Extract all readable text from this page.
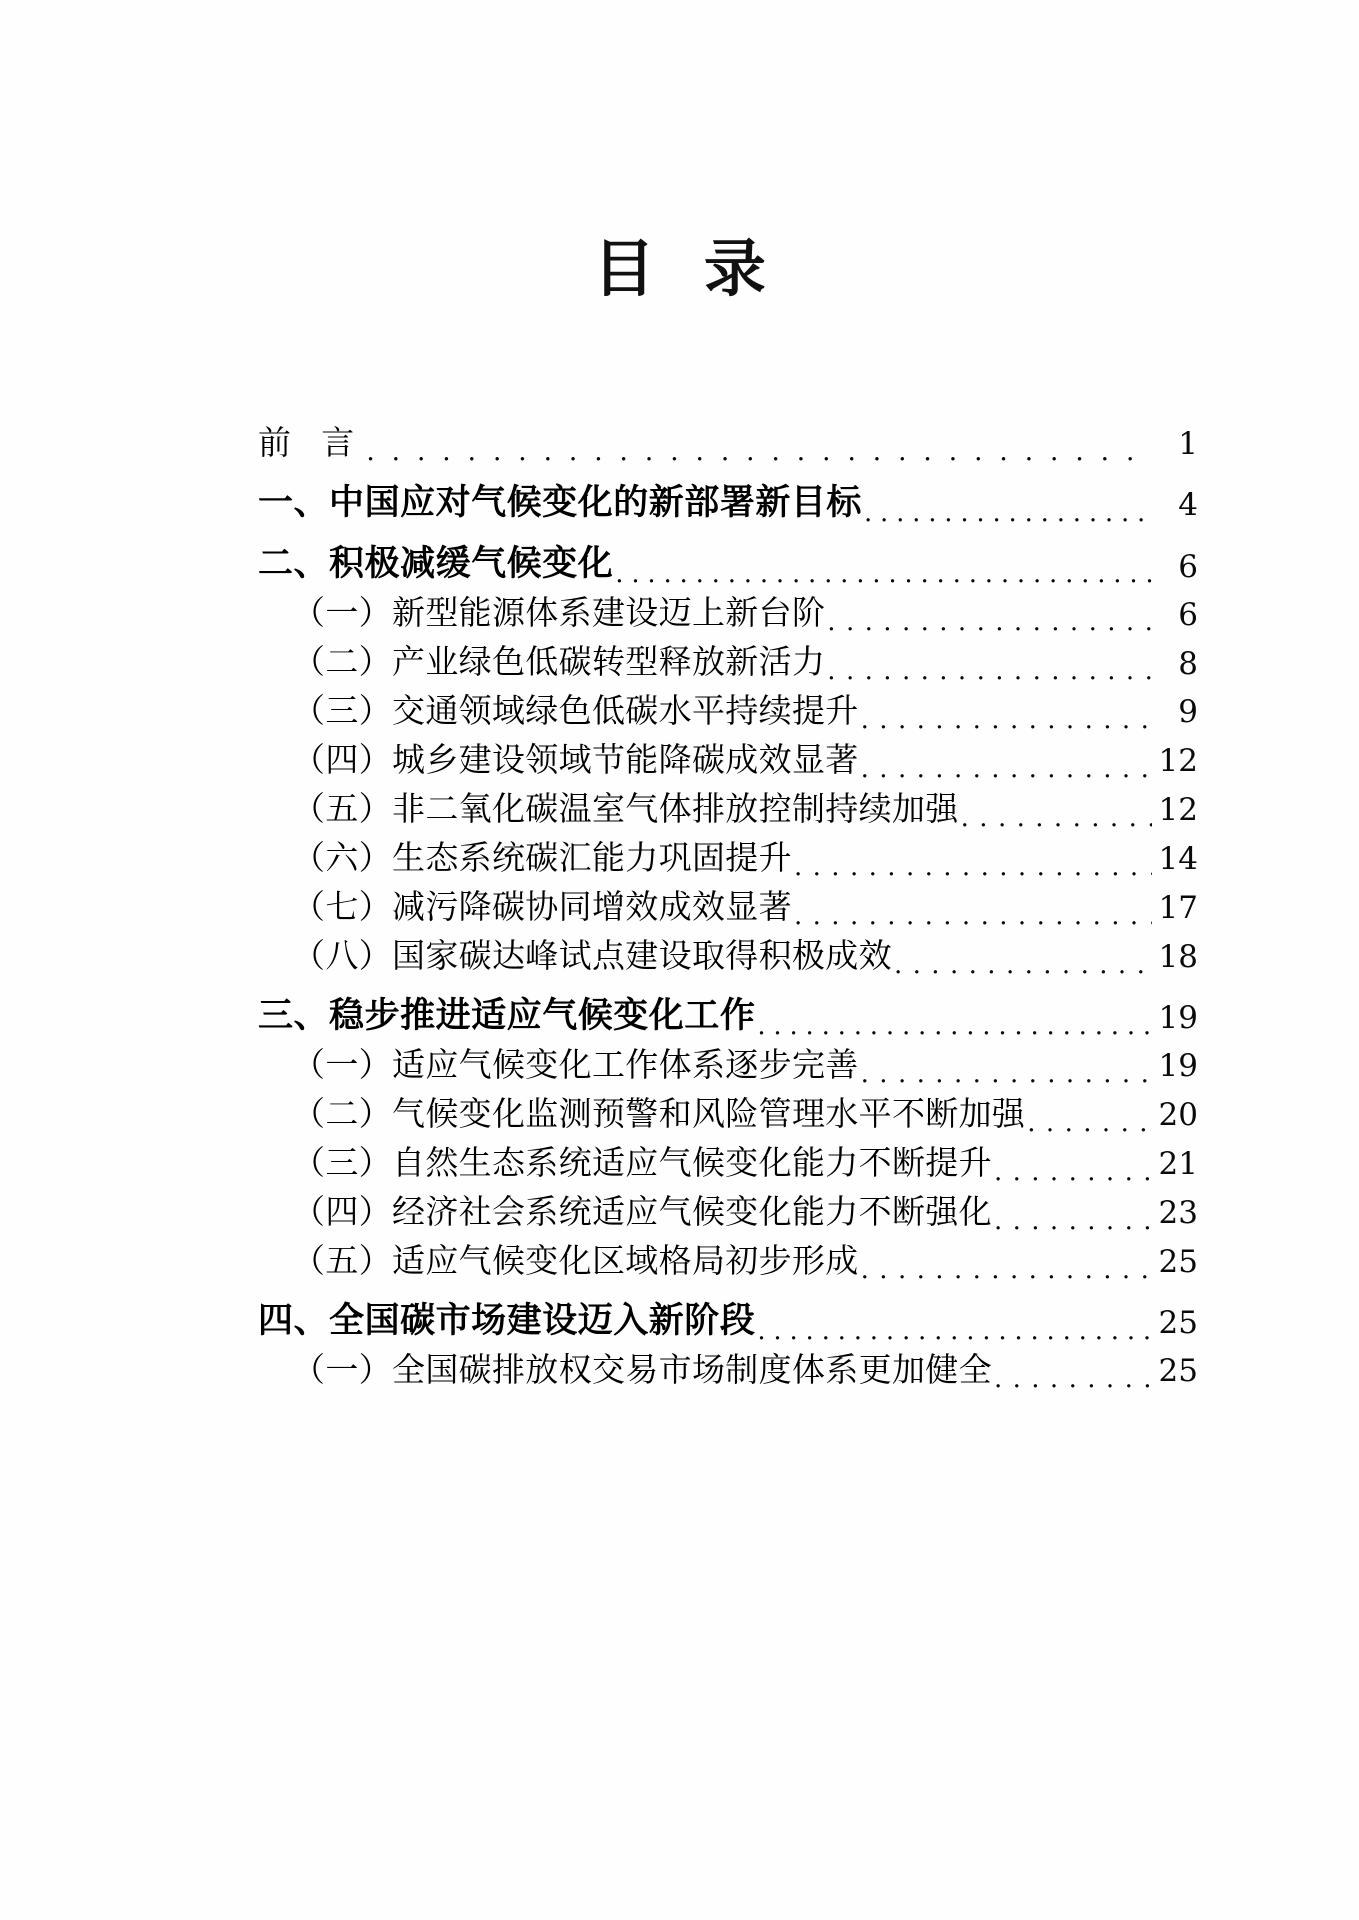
目 录
前 言 .....	1
一、中国应对气候变化的新部署新目标 .....	4
二、积极减缓气候变化 .....	6
（一）新型能源体系建设迈上新台阶 .....	6
（二）产业绿色低碳转型释放新活力 .....	8
（三）交通领域绿色低碳水平持续提升 .....	9
（四）城乡建设领域节能降碳成效显著 .....	12
（五）非二氧化碳温室气体排放控制持续加强 .....	12
（六）生态系统碳汇能力巩固提升 .....	14
（七）减污降碳协同增效成效显著 .....	17
（八）国家碳达峰试点建设取得积极成效 .....	18
三、稳步推进适应气候变化工作 .....	19
（一）适应气候变化工作体系逐步完善 .....	19
（二）气候变化监测预警和风险管理水平不断加强 .....	20
（三）自然生态系统适应气候变化能力不断提升 .....	21
（四）经济社会系统适应气候变化能力不断强化 .....	23
（五）适应气候变化区域格局初步形成 .....	25
四、全国碳市场建设迈入新阶段 .....	25
（一）全国碳排放权交易市场制度体系更加健全 .....	25
